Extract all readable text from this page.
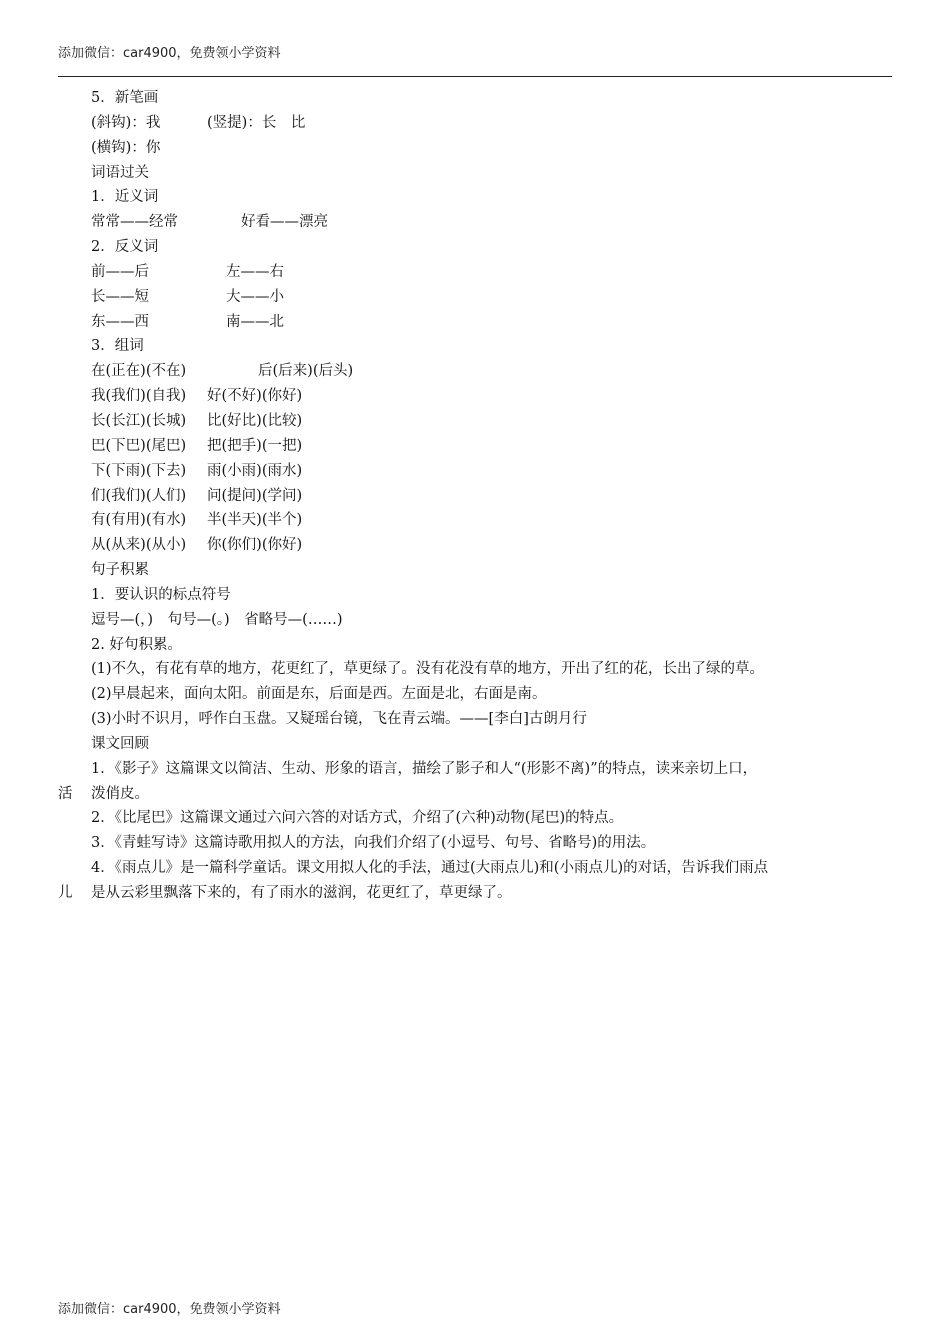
添加微信：car4900，免费领小学资料
5．新笔画
(斜钩)：我	(竖提)：长　比
(横钩)：你
词语过关
1．近义词
常常——经常	好看——漂亮
2．反义词
前——后	左——右
长——短	大——小
东——西	南——北
3．组词
在(正在)(不在)	后(后来)(后头)
我(我们)(自我) 好(不好)(你好)
长(长江)(长城) 比(好比)(比较)
巴(下巴)(尾巴) 把(把手)(一把)
下(下雨)(下去) 雨(小雨)(雨水)
们(我们)(人们) 问(提问)(学问)
有(有用)(有水) 半(半天)(半个)
从(从来)(从小) 你(你们)(你好)
句子积累
1．要认识的标点符号
逗号—(，)  句号—(。)  省略号—(……)
2. 好句积累。
(1)不久，有花有草的地方，花更红了，草更绿了。没有花没有草的地方，开出了红的花，长出了绿的草。
(2)早晨起来，面向太阳。前面是东，后面是西。左面是北，右面是南。
(3)小时不识月，呼作白玉盘。又疑瑶台镜，飞在青云端。——[李白]古朗月行
课文回顾
1．《影子》这篇课文以简洁、生动、形象的语言，描绘了影子和人“(形影不离)”的特点，读来亲切上口，
活 泼俏皮。
2．《比尾巴》这篇课文通过六问六答的对话方式，介绍了(六种)动物(尾巴)的特点。
3．《青蛙写诗》这篇诗歌用拟人的方法，向我们介绍了(小逗号、句号、省略号)的用法。
4．《雨点儿》是一篇科学童话。课文用拟人化的手法，通过(大雨点儿)和(小雨点儿)的对话，告诉我们雨点
儿 是从云彩里飘落下来的，有了雨水的滋润，花更红了，草更绿了。
添加微信：car4900，免费领小学资料
